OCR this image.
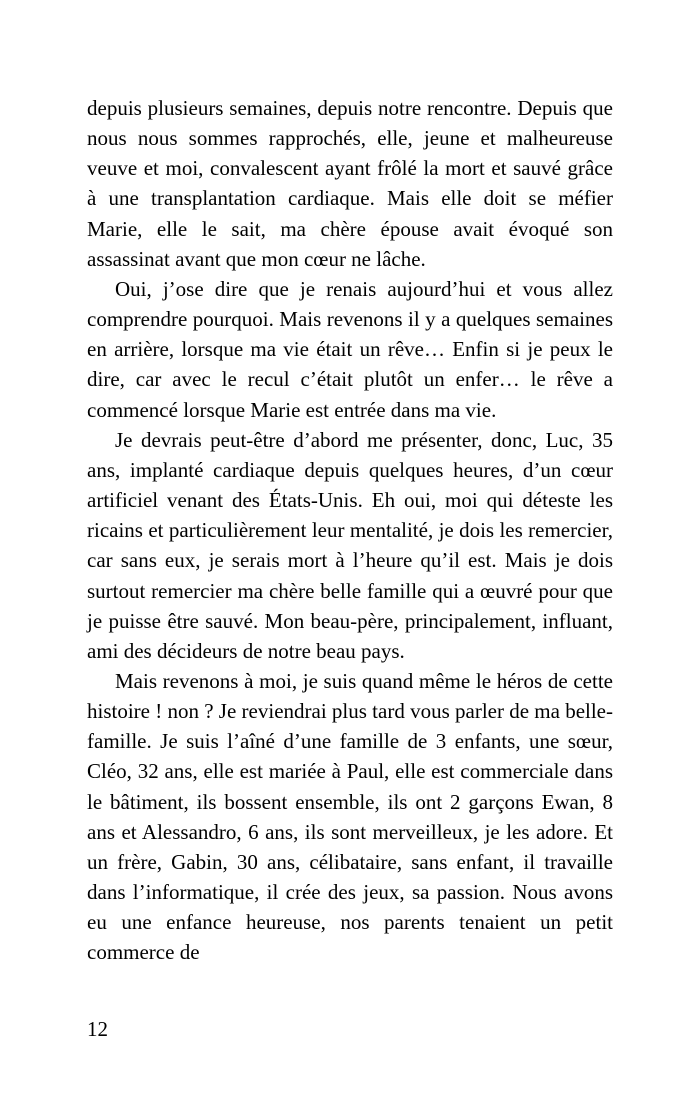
depuis plusieurs semaines, depuis notre rencontre. Depuis que nous nous sommes rapprochés, elle, jeune et malheureuse veuve et moi, convalescent ayant frôlé la mort et sauvé grâce à une transplantation cardiaque. Mais elle doit se méfier Marie, elle le sait, ma chère épouse avait évoqué son assassinat avant que mon cœur ne lâche.

Oui, j’ose dire que je renais aujourd’hui et vous allez comprendre pourquoi. Mais revenons il y a quelques semaines en arrière, lorsque ma vie était un rêve… Enfin si je peux le dire, car avec le recul c’était plutôt un enfer… le rêve a commencé lorsque Marie est entrée dans ma vie.

Je devrais peut-être d’abord me présenter, donc, Luc, 35 ans, implanté cardiaque depuis quelques heures, d’un cœur artificiel venant des États-Unis. Eh oui, moi qui déteste les ricains et particulièrement leur mentalité, je dois les remercier, car sans eux, je serais mort à l’heure qu’il est. Mais je dois surtout remercier ma chère belle famille qui a œuvré pour que je puisse être sauvé. Mon beau-père, principalement, influant, ami des décideurs de notre beau pays.

Mais revenons à moi, je suis quand même le héros de cette histoire ! non ? Je reviendrai plus tard vous parler de ma belle-famille. Je suis l’aîné d’une famille de 3 enfants, une sœur, Cléo, 32 ans, elle est mariée à Paul, elle est commerciale dans le bâtiment, ils bossent ensemble, ils ont 2 garçons Ewan, 8 ans et Alessandro, 6 ans, ils sont merveilleux, je les adore. Et un frère, Gabin, 30 ans, célibataire, sans enfant, il travaille dans l’informatique, il crée des jeux, sa passion. Nous avons eu une enfance heureuse, nos parents tenaient un petit commerce de

12
